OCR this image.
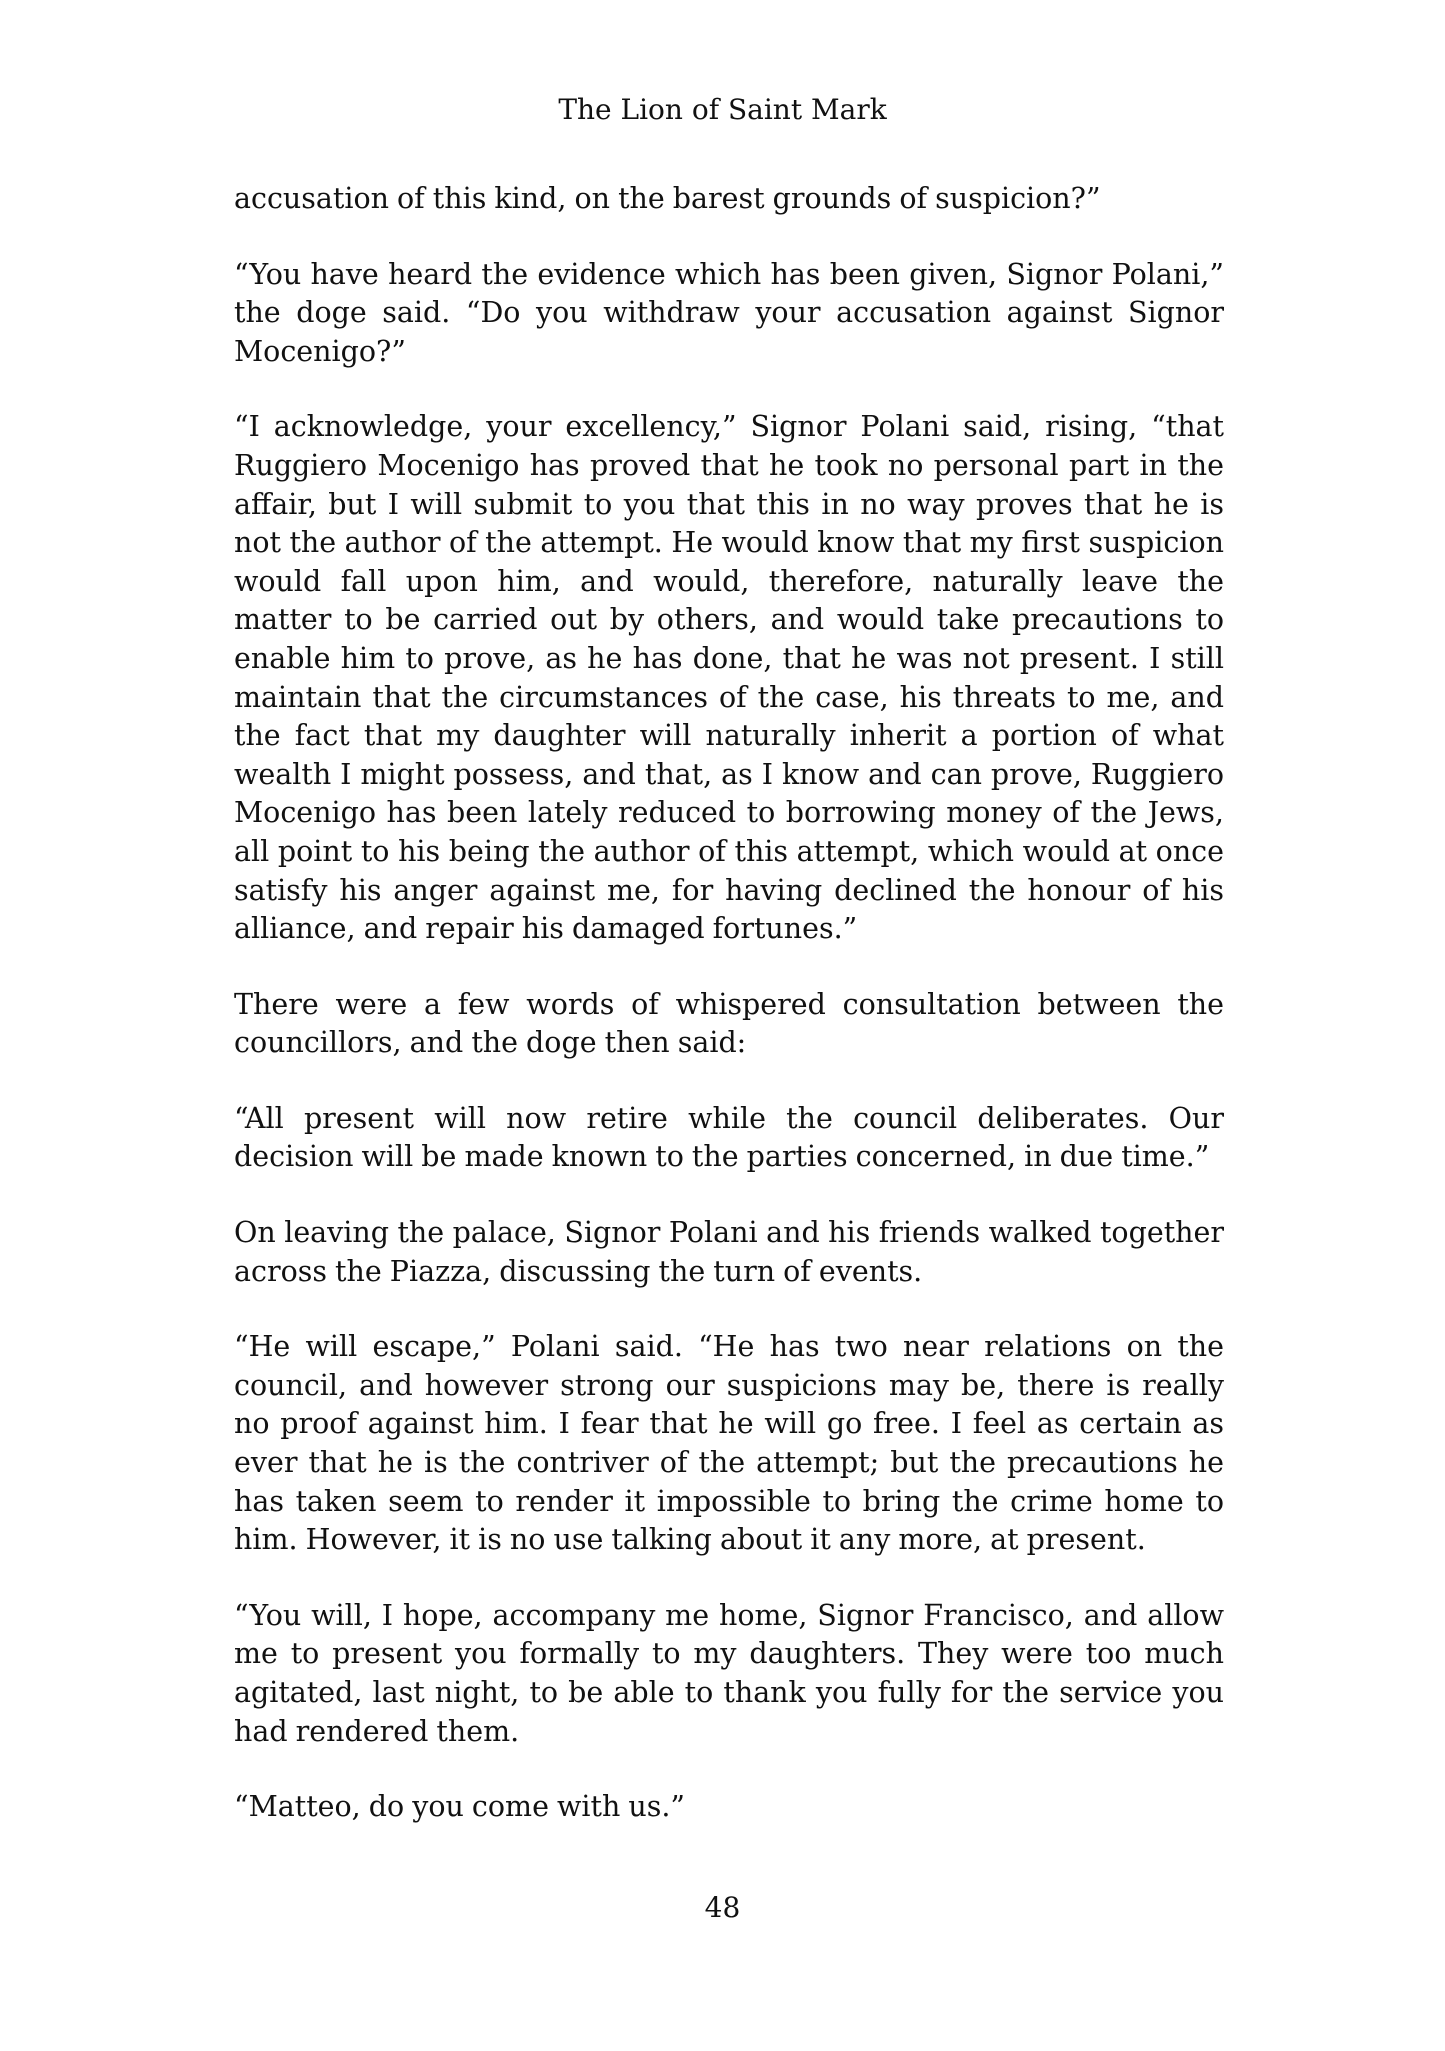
The Lion of Saint Mark

accusation of this kind, on the barest grounds of suspicion?”

“You have heard the evidence which has been given, Signor Polani,” the doge said. “Do you withdraw your accusation against Signor Mocenigo?”

“I acknowledge, your excellency,” Signor Polani said, rising, “that Ruggiero Mocenigo has proved that he took no personal part in the affair, but I will submit to you that this in no way proves that he is not the author of the attempt. He would know that my first suspicion would fall upon him, and would, therefore, naturally leave the matter to be carried out by others, and would take precautions to enable him to prove, as he has done, that he was not present. I still maintain that the circumstances of the case, his threats to me, and the fact that my daughter will naturally inherit a portion of what wealth I might possess, and that, as I know and can prove, Ruggiero Mocenigo has been lately reduced to borrowing money of the Jews, all point to his being the author of this attempt, which would at once satisfy his anger against me, for having declined the honour of his alliance, and repair his damaged fortunes.”

There were a few words of whispered consultation between the councillors, and the doge then said:

“All present will now retire while the council deliberates. Our decision will be made known to the parties concerned, in due time.”

On leaving the palace, Signor Polani and his friends walked together across the Piazza, discussing the turn of events.

“He will escape,” Polani said. “He has two near relations on the council, and however strong our suspicions may be, there is really no proof against him. I fear that he will go free. I feel as certain as ever that he is the contriver of the attempt; but the precautions he has taken seem to render it impossible to bring the crime home to him. However, it is no use talking about it any more, at present.

“You will, I hope, accompany me home, Signor Francisco, and allow me to present you formally to my daughters. They were too much agitated, last night, to be able to thank you fully for the service you had rendered them.

“Matteo, do you come with us.”

48
